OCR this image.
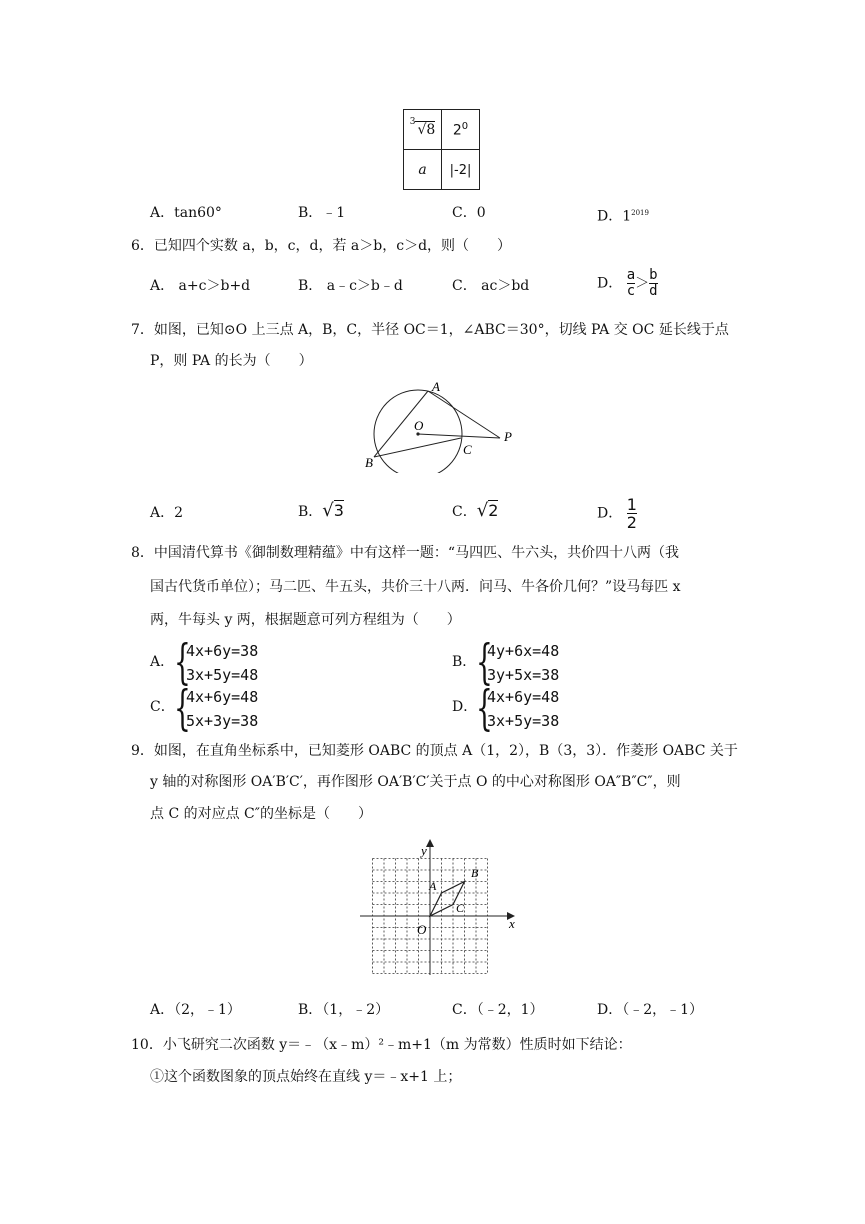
$^3$ √8	$2^0$
a	|-2|
A．tan60°	B．﹣1	C．0	D．$1^{2019}$
6．已知四个实数 a，b，c，d，若 a＞b，c＞d，则（　　）
A． a+c＞b+d	B． a﹣c＞b﹣d	C． ac＞bd	D． $\frac{a}{c} > \frac{b}{d}$
7．如图，已知⊙O 上三点 A，B，C，半径 OC＝1，∠ABC＝30°，切线 PA 交 OC 延长线于点
P，则 PA 的长为（　　）
A
O
P
B
C
A．2	B．√3	C．√2	D． $\frac{1}{2}$
8．中国清代算书《御制数理精蕴》中有这样一题：“马四匹、牛六头，共价四十八两（我
国古代货币单位）；马二匹、牛五头，共价三十八两．问马、牛各价几何？”设马每匹 x
两，牛每头 y 两，根据题意可列方程组为（　　）
A． {
4x+6y=38
3x+5y=48
B． {
4y+6x=48
3y+5x=38
C． {
4x+6y=48
5x+3y=38
D．
{
4x+6y=48
3x+5y=38
9．如图，在直角坐标系中，已知菱形 OABC 的顶点 A（1，2），B（3，3）．作菱形 OABC 关于
y 轴的对称图形 OA′B′C′，再作图形 OA′B′C′关于点 O 的中心对称图形 OA″B″C″，则
点 C 的对应点 C″的坐标是（　　）
y
x
O
A
B
C
A．（2，﹣1）	B．（1，﹣2）	C．（﹣2，1）	D．（﹣2，﹣1）
10．小飞研究二次函数 y＝﹣（x﹣m）²﹣m+1（m 为常数）性质时如下结论：
①这个函数图象的顶点始终在直线 y＝﹣x+1 上；
